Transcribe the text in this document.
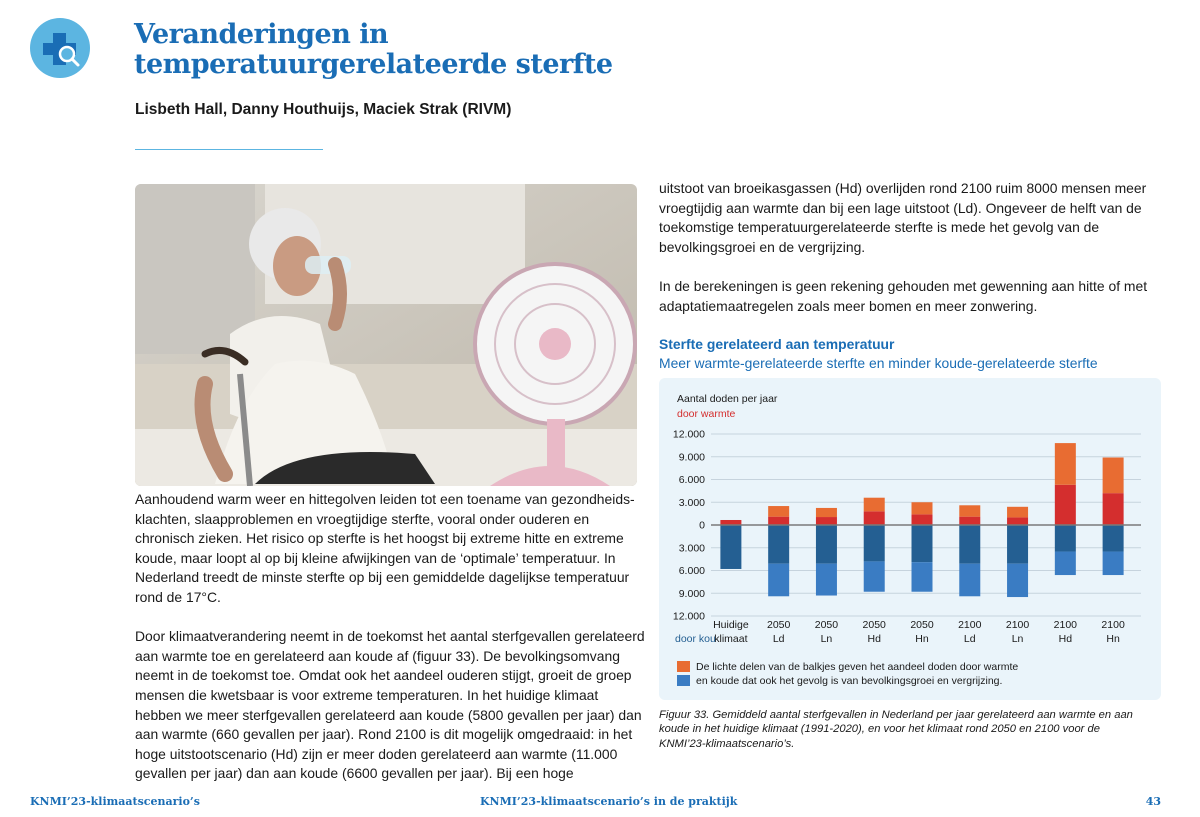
Veranderingen in
temperatuurgerelateerde sterfte
Lisbeth Hall, Danny Houthuijs, Maciek Strak (RIVM)

Aanhoudend warm weer en hittegolven leiden tot een toename van gezondheids-klachten, slaapproblemen en vroegtijdige sterfte, vooral onder ouderen en chronisch zieken. Het risico op sterfte is het hoogst bij extreme hitte en extreme koude, maar loopt al op bij kleine afwijkingen van de ‘optimale’ temperatuur. In Nederland treedt de minste sterfte op bij een gemiddelde dagelijkse temperatuur rond de 17°C.

Door klimaatverandering neemt in de toekomst het aantal sterfgevallen gerelateerd aan warmte toe en gerelateerd aan koude af (figuur 33). De bevolkingsomvang neemt in de toekomst toe. Omdat ook het aandeel ouderen stijgt, groeit de groep mensen die kwetsbaar is voor extreme temperaturen. In het huidige klimaat hebben we meer sterfgevallen gerelateerd aan koude (5800 gevallen per jaar) dan aan warmte (660 gevallen per jaar). Rond 2100 is dit mogelijk omgedraaid: in het hoge uitstootscenario (Hd) zijn er meer doden gerelateerd aan warmte (11.000 gevallen per jaar) dan aan koude (6600 gevallen per jaar). Bij een hoge

uitstoot van broeikasgassen (Hd) overlijden rond 2100 ruim 8000 mensen meer vroegtijdig aan warmte dan bij een lage uitstoot (Ld). Ongeveer de helft van de toekomstige temperatuurgerelateerde sterfte is mede het gevolg van de bevolkingsgroei en de vergrijzing.

In de berekeningen is geen rekening gehouden met gewenning aan hitte of met adaptatiemaatregelen zoals meer bomen en meer zonwering.

Sterfte gerelateerd aan temperatuur
Meer warmte-gerelateerde sterfte en minder koude-gerelateerde sterfte
Aantal doden per jaar
door warmte
12.000
9.000
6.000
3.000
0
3.000
6.000
9.000
12.000
Huidige
klimaat
2050
Ld
2050
Ln
2050
Hd
2050
Hn
2100
Ld
2100
Ln
2100
Hd
2100
Hn
door kou
De lichte delen van de balkjes geven het aandeel doden door warmte
en koude dat ook het gevolg is van bevolkingsgroei en vergrijzing.
Figuur 33. Gemiddeld aantal sterfgevallen in Nederland per jaar gerelateerd aan warmte en aan koude in het huidige klimaat (1991-2020), en voor het klimaat rond 2050 en 2100 voor de KNMI’23-klimaatscenario’s.
KNMI’23-klimaatscenario’s	KNMI’23-klimaatscenario’s in de praktijk	43
